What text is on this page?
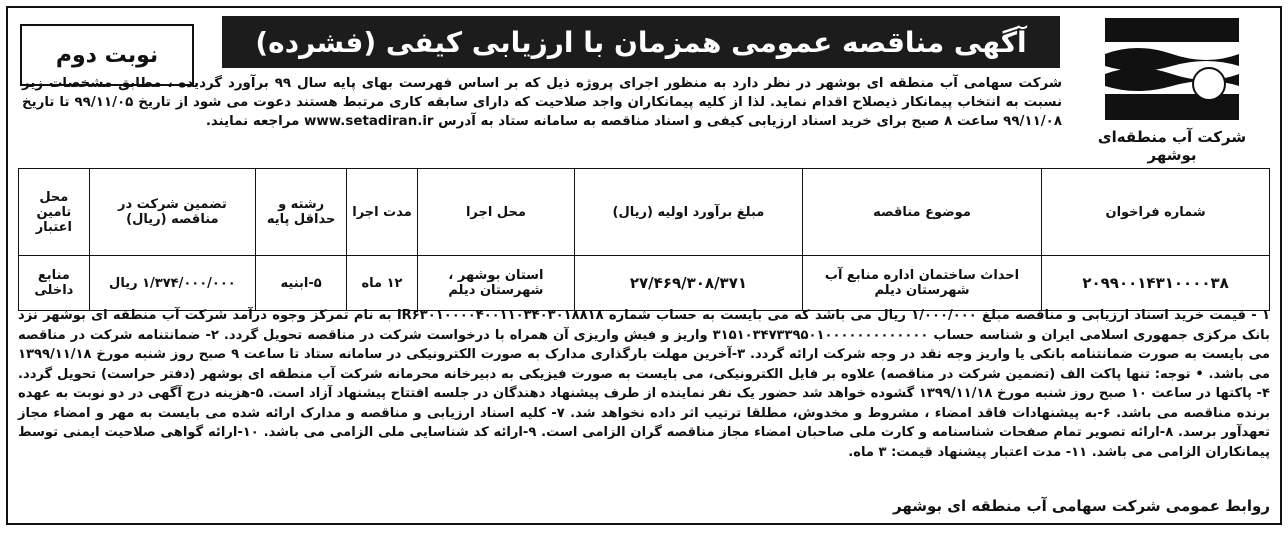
شرکت آب منطقه‌ای بوشهر
آگهی مناقصه عمومی همزمان با ارزیابی کیفی (فشرده)
نوبت دوم
شرکت سهامی آب منطقه ای بوشهر در نظر دارد به منظور اجرای پروژه ذیل که بر اساس فهرست بهای پایه سال ۹۹ برآورد گردیده ، مطابق مشخصات زیر نسبت به انتخاب پیمانکار ذیصلاح اقدام نماید. لذا از کلیه پیمانکاران واجد صلاحیت که دارای سابقه کاری مرتبط هستند دعوت می شود از تاریخ ۹۹/۱۱/۰۵ تا تاریخ ۹۹/۱۱/۰۸ ساعت ۸ صبح برای خرید اسناد ارزیابی کیفی و اسناد مناقصه به سامانه ستاد به آدرس www.setadiran.ir مراجعه نمایند.
شماره فراخوان	موضوع مناقصه	مبلغ برآورد اولیه (ریال)	محل اجرا	مدت اجرا	رشته و حداقل پایه	تضمین شرکت در مناقصه (ریال)	محل تامین اعتبار
۲۰۹۹۰۰۱۴۳۱۰۰۰۰۳۸	احداث ساختمان اداره منابع آب شهرستان دیلم	۲۷/۴۶۹/۳۰۸/۳۷۱	استان بوشهر ، شهرستان دیلم	۱۲ ماه	۵-ابنیه	۱/۳۷۴/۰۰۰/۰۰۰ ریال	منابع داخلی
۱ - قیمت خرید اسناد ارزیابی و مناقصه مبلغ ۱/۰۰۰/۰۰۰ ریال می باشد که می بایست به حساب شماره IR۶۳۰۱۰۰۰۰۴۰۰۱۱۰۳۴۰۳۰۱۸۸۱۸ به نام تمرکز وجوه درآمد شرکت آب منطقه ای بوشهر نزد بانک مرکزی جمهوری اسلامی ایران و شناسه حساب ۳۱۵۱۰۳۴۷۳۳۹۵۰۱۰۰۰۰۰۰۰۰۰۰۰۰۰ واریز و فیش واریزی آن همراه با درخواست شرکت در مناقصه تحویل گردد. ۲- ضمانتنامه شرکت در مناقصه می بایست به صورت ضمانتنامه بانکی یا واریز وجه نقد در وجه شرکت ارائه گردد. ۳-آخرین مهلت بارگذاری مدارک به صورت الکترونیکی در سامانه ستاد تا ساعت ۹ صبح روز شنبه مورخ ۱۳۹۹/۱۱/۱۸ می باشد. • توجه: تنها پاکت الف (تضمین شرکت در مناقصه) علاوه بر فایل الکترونیکی، می بایست به صورت فیزیکی به دبیرخانه محرمانه شرکت آب منطقه ای بوشهر (دفتر حراست) تحویل گردد. ۴- پاکتها در ساعت ۱۰ صبح روز شنبه مورخ ۱۳۹۹/۱۱/۱۸ گشوده خواهد شد حضور یک نفر نماینده از طرف پیشنهاد دهندگان در جلسه افتتاح پیشنهاد آزاد است. ۵-هزینه درج آگهی در دو نوبت به عهده برنده مناقصه می باشد. ۶-به پیشنهادات فاقد امضاء ، مشروط و مخدوش، مطلقا ترتیب اثر داده نخواهد شد. ۷- کلیه اسناد ارزیابی و مناقصه و مدارک ارائه شده می بایست به مهر و امضاء مجاز تعهدآور برسد. ۸-ارائه تصویر تمام صفحات شناسنامه و کارت ملی صاحبان امضاء مجاز مناقصه گران الزامی است. ۹-ارائه کد شناسایی ملی الزامی می باشد. ۱۰-ارائه گواهی صلاحیت ایمنی توسط پیمانکاران الزامی می باشد. ۱۱- مدت اعتبار پیشنهاد قیمت: ۳ ماه.
روابط عمومی شرکت سهامی آب منطقه ای بوشهر
